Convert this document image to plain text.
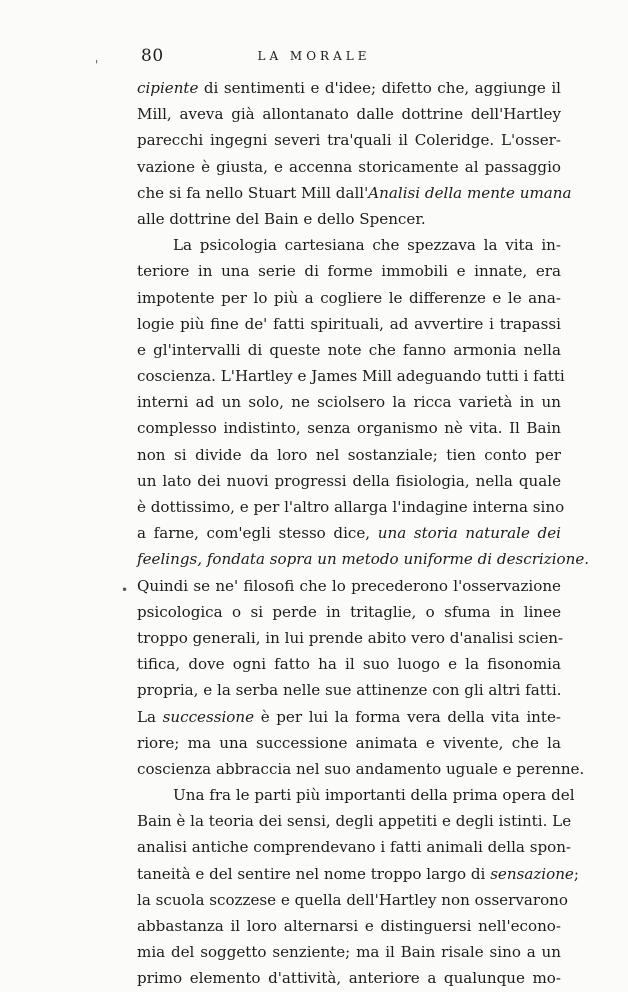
'
•
80	LA MORALE
cipiente di sentimenti e d'idee; difetto che, aggiunge il
Mill, aveva già allontanato dalle dottrine dell'Hartley
parecchi ingegni severi tra'quali il Coleridge. L'osser-
vazione è giusta, e accenna storicamente al passaggio
che si fa nello Stuart Mill dall'Analisi della mente umana
alle dottrine del Bain e dello Spencer.
La psicologia cartesiana che spezzava la vita in-
teriore in una serie di forme immobili e innate, era
impotente per lo più a cogliere le differenze e le ana-
logie più fine de' fatti spirituali, ad avvertire i trapassi
e gl'intervalli di queste note che fanno armonia nella
coscienza. L'Hartley e James Mill adeguando tutti i fatti
interni ad un solo, ne sciolsero la ricca varietà in un
complesso indistinto, senza organismo nè vita. Il Bain
non si divide da loro nel sostanziale; tien conto per
un lato dei nuovi progressi della fisiologia, nella quale
è dottissimo, e per l'altro allarga l'indagine interna sino
a farne, com'egli stesso dice, una storia naturale dei
feelings, fondata sopra un metodo uniforme di descrizione.
Quindi se ne' filosofi che lo precederono l'osservazione
psicologica o si perde in tritaglie, o sfuma in linee
troppo generali, in lui prende abito vero d'analisi scien-
tifica, dove ogni fatto ha il suo luogo e la fisonomia
propria, e la serba nelle sue attinenze con gli altri fatti.
La successione è per lui la forma vera della vita inte-
riore; ma una successione animata e vivente, che la
coscienza abbraccia nel suo andamento uguale e perenne.
Una fra le parti più importanti della prima opera del
Bain è la teoria dei sensi, degli appetiti e degli istinti. Le
analisi antiche comprendevano i fatti animali della spon-
taneità e del sentire nel nome troppo largo di sensazione;
la scuola scozzese e quella dell'Hartley non osservarono
abbastanza il loro alternarsi e distinguersi nell'econo-
mia del soggetto senziente; ma il Bain risale sino a un
primo elemento d'attività, anteriore a qualunque mo-
